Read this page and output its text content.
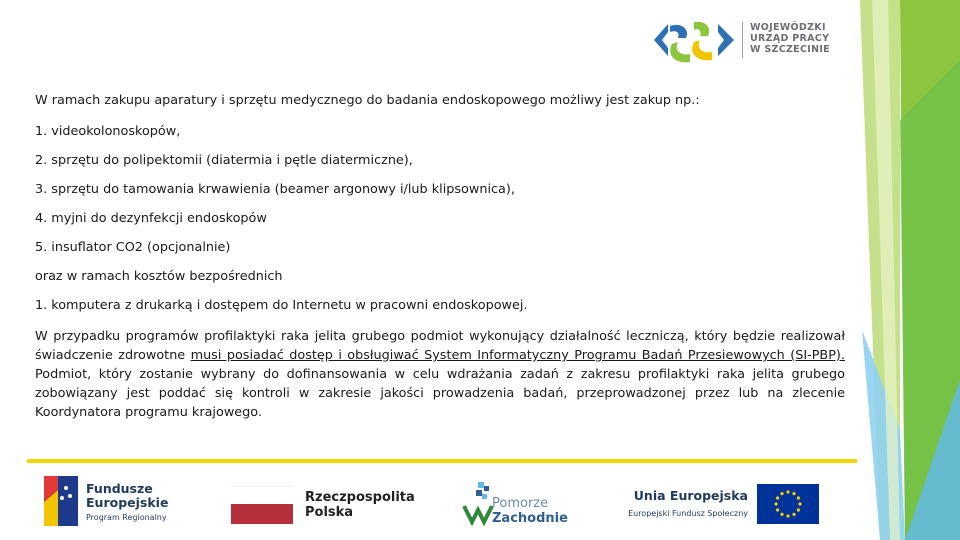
WOJEWÓDZKI
URZĄD PRACY
W SZCZECINIE

W ramach zakupu aparatury i sprzętu medycznego do badania endoskopowego możliwy jest zakup np.:

1. videokolonoskopów,

2. sprzętu do polipektomii (diatermia i pętle diatermiczne),

3. sprzętu do tamowania krwawienia (beamer argonowy i/lub klipsownica),

4. myjni do dezynfekcji endoskopów

5. insuflator CO2 (opcjonalnie)

oraz w ramach kosztów bezpośrednich

1. komputera z drukarką i dostępem do Internetu w pracowni endoskopowej.

W przypadku programów profilaktyki raka jelita grubego podmiot wykonujący działalność leczniczą, który będzie realizował świadczenie zdrowotne musi posiadać dostęp i obsługiwać System Informatyczny Programu Badań Przesiewowych (SI-PBP). Podmiot, który zostanie wybrany do dofinansowania w celu wdrażania zadań z zakresu profilaktyki raka jelita grubego zobowiązany jest poddać się kontroli w zakresie jakości prowadzenia badań, przeprowadzonej przez lub na zlecenie Koordynatora programu krajowego.

Fundusze
Europejskie
Program Regionalny
Rzeczpospolita
Polska
Pomorze
Zachodnie
Unia Europejska
Europejski Fundusz Społeczny
